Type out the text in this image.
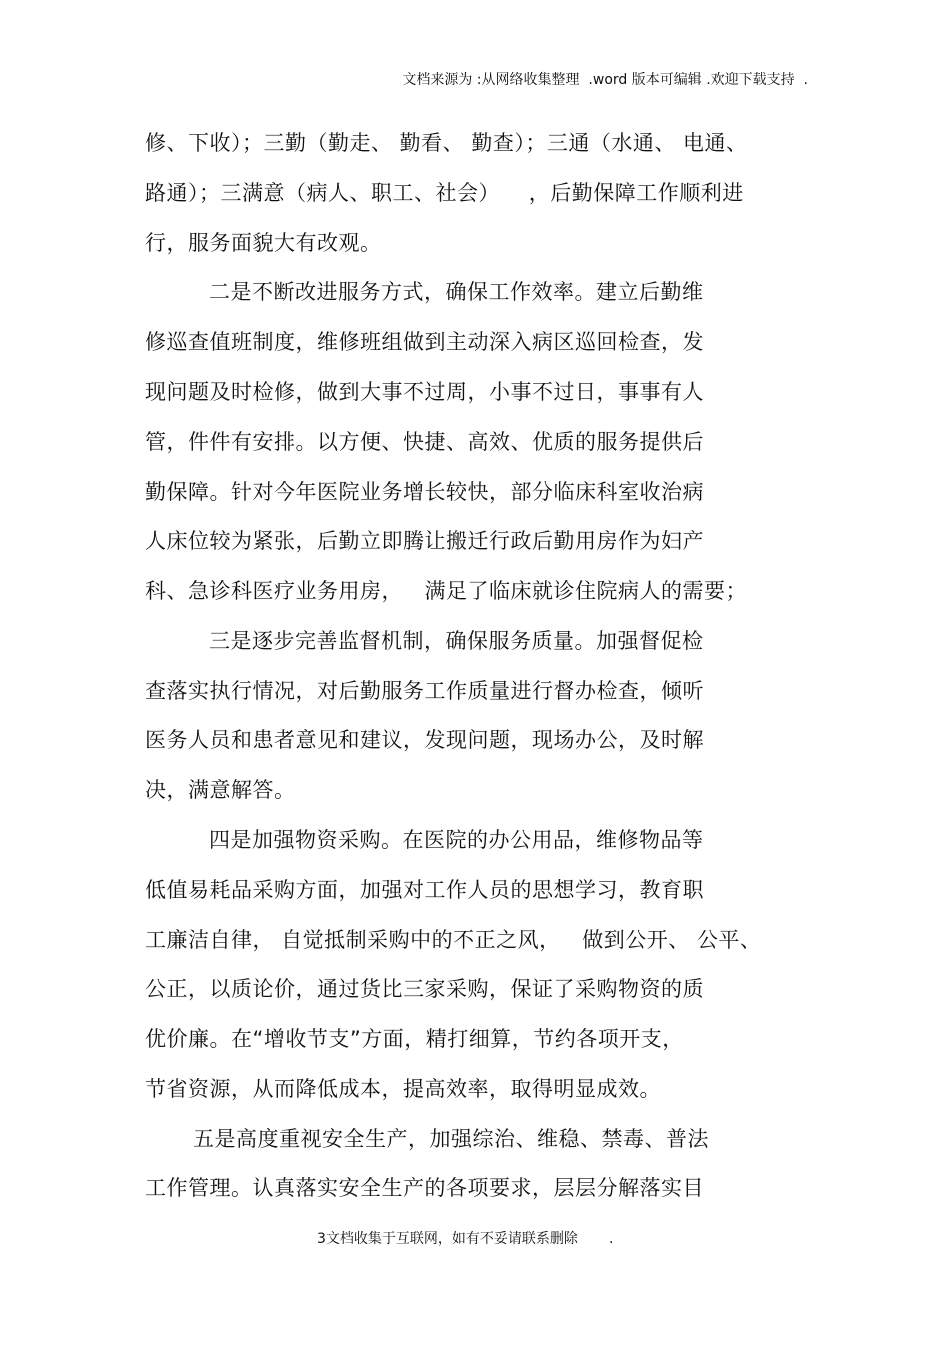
文档来源为 :从网络收集整理  .word 版本可编辑 .欢迎下载支持  .
修、下收）；三勤（勤走、 勤看、 勤查）；三通（水通、 电通、
路通）；三满意（病人、职工、社会）    ，后勤保障工作顺利进
行，服务面貌大有改观。
二是不断改进服务方式，确保工作效率。建立后勤维
修巡查值班制度，维修班组做到主动深入病区巡回检查，发
现问题及时检修，做到大事不过周，小事不过日，事事有人
管，件件有安排。以方便、快捷、高效、优质的服务提供后
勤保障。针对今年医院业务增长较快，部分临床科室收治病
人床位较为紧张，后勤立即腾让搬迁行政后勤用房作为妇产
科、急诊科医疗业务用房，   满足了临床就诊住院病人的需要；
三是逐步完善监督机制，确保服务质量。加强督促检
查落实执行情况，对后勤服务工作质量进行督办检查，倾听
医务人员和患者意见和建议，发现问题，现场办公，及时解
决，满意解答。
四是加强物资采购。在医院的办公用品，维修物品等
低值易耗品采购方面，加强对工作人员的思想学习，教育职
工廉洁自律， 自觉抵制采购中的不正之风，   做到公开、 公平、
公正，以质论价，通过货比三家采购，保证了采购物资的质
优价廉。在“增收节支”方面，精打细算，节约各项开支，
节省资源，从而降低成本，提高效率，取得明显成效。
五是高度重视安全生产，加强综治、维稳、禁毒、普法
工作管理。认真落实安全生产的各项要求，层层分解落实目
3文档收集于互联网，如有不妥请联系删除       .
